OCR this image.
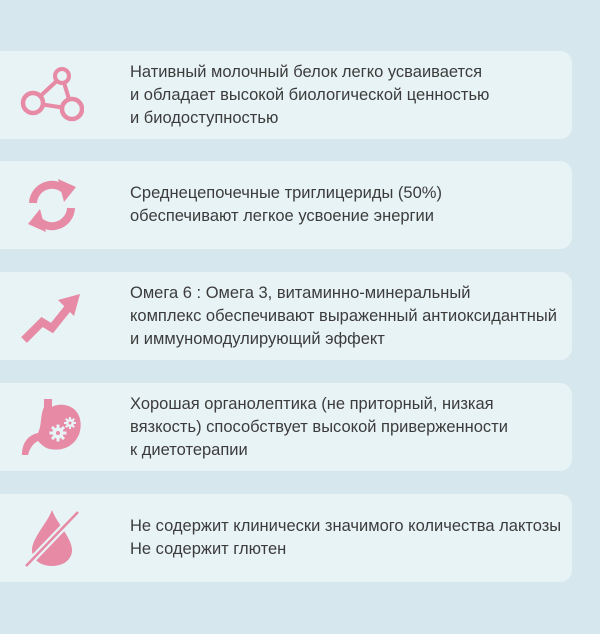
Нативный молочный белок легко усваивается
и обладает высокой биологической ценностью
и биодоступностью
Среднецепочечные триглицериды (50%)
обеспечивают легкое усвоение энергии
Омега 6 : Омега 3, витаминно-минеральный
комплекс обеспечивают выраженный антиоксидантный
и иммуномодулирующий эффект
Хорошая органолептика (не приторный, низкая
вязкость) способствует высокой приверженности
к диетотерапии
Не содержит клинически значимого количества лактозы
Не содержит глютен
